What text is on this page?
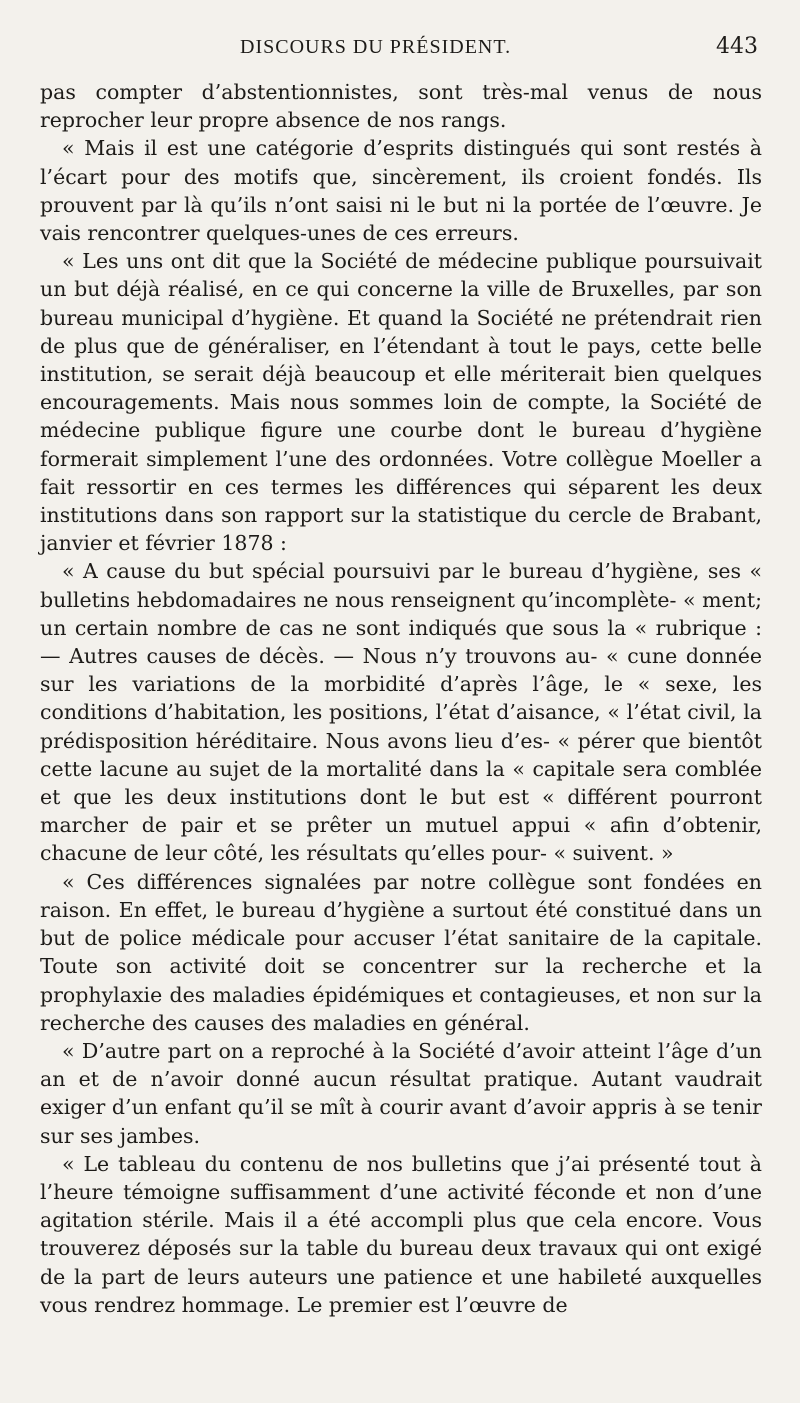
DISCOURS DU PRÉSIDENT.	443

pas compter d’abstentionnistes, sont très-mal venus de nous reprocher leur propre absence de nos rangs.

« Mais il est une catégorie d’esprits distingués qui sont restés à l’écart pour des motifs que, sincèrement, ils croient fondés. Ils prouvent par là qu’ils n’ont saisi ni le but ni la portée de l’œuvre. Je vais rencontrer quelques-unes de ces erreurs.

« Les uns ont dit que la Société de médecine publique poursuivait un but déjà réalisé, en ce qui concerne la ville de Bruxelles, par son bureau municipal d’hygiène. Et quand la Société ne prétendrait rien de plus que de généraliser, en l’étendant à tout le pays, cette belle institution, se serait déjà beaucoup et elle mériterait bien quelques encouragements. Mais nous sommes loin de compte, la Société de médecine publique figure une courbe dont le bureau d’hygiène formerait simplement l’une des ordonnées. Votre collègue Moeller a fait ressortir en ces termes les différences qui séparent les deux institutions dans son rapport sur la statistique du cercle de Brabant, janvier et février 1878 :

« A cause du but spécial poursuivi par le bureau d’hygiène, ses « bulletins hebdomadaires ne nous renseignent qu’incomplète- « ment; un certain nombre de cas ne sont indiqués que sous la « rubrique : — Autres causes de décès. — Nous n’y trouvons au- « cune donnée sur les variations de la morbidité d’après l’âge, le « sexe, les conditions d’habitation, les positions, l’état d’aisance, « l’état civil, la prédisposition héréditaire. Nous avons lieu d’es- « pérer que bientôt cette lacune au sujet de la mortalité dans la « capitale sera comblée et que les deux institutions dont le but est « différent pourront marcher de pair et se prêter un mutuel appui « afin d’obtenir, chacune de leur côté, les résultats qu’elles pour- « suivent. »

« Ces différences signalées par notre collègue sont fondées en raison. En effet, le bureau d’hygiène a surtout été constitué dans un but de police médicale pour accuser l’état sanitaire de la capitale. Toute son activité doit se concentrer sur la recherche et la prophylaxie des maladies épidémiques et contagieuses, et non sur la recherche des causes des maladies en général.

« D’autre part on a reproché à la Société d’avoir atteint l’âge d’un an et de n’avoir donné aucun résultat pratique. Autant vaudrait exiger d’un enfant qu’il se mît à courir avant d’avoir appris à se tenir sur ses jambes.

« Le tableau du contenu de nos bulletins que j’ai présenté tout à l’heure témoigne suffisamment d’une activité féconde et non d’une agitation stérile. Mais il a été accompli plus que cela encore. Vous trouverez déposés sur la table du bureau deux travaux qui ont exigé de la part de leurs auteurs une patience et une habileté auxquelles vous rendrez hommage. Le premier est l’œuvre de
